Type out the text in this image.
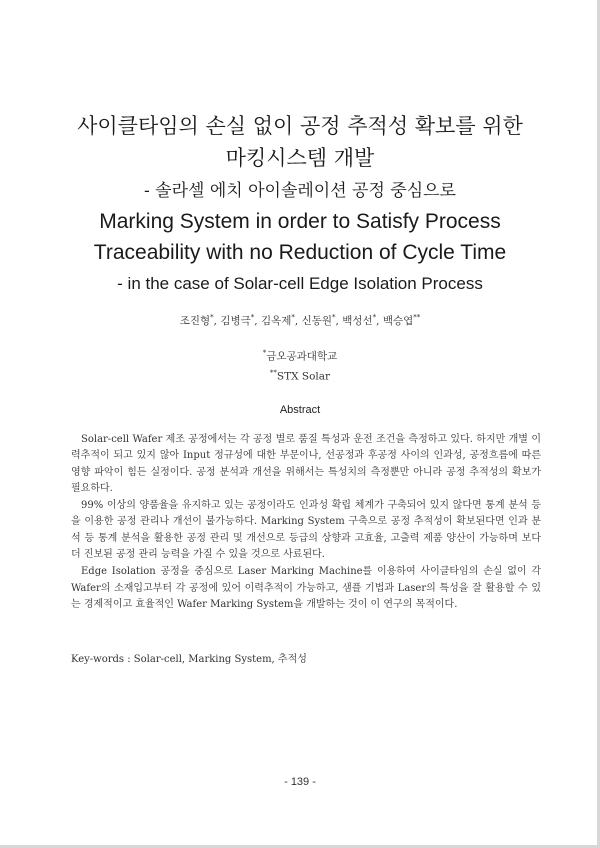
사이클타임의 손실 없이 공정 추적성 확보를 위한
마킹시스템 개발
- 솔라셀 에치 아이솔레이션 공정 중심으로
Marking System in order to Satisfy Process
Traceability with no Reduction of Cycle Time
- in the case of Solar-cell Edge Isolation Process
조진형*, 김병극*, 김옥제*, 신동원*, 백성선*, 백승엽**
*금오공과대학교
**STX Solar
Abstract

Solar-cell Wafer 제조 공정에서는 각 공정 별로 품질 특성과 운전 조건을 측정하고 있다. 하지만 개별 이력추적이 되고 있지 않아 Input 정규성에 대한 부문이나, 선공정과 후공정 사이의 인과성, 공정흐름에 따른 영향 파악이 힘든 실정이다. 공정 분석과 개선을 위해서는 특성치의 측정뿐만 아니라 공정 추적성의 확보가 필요하다.

99% 이상의 양품율을 유지하고 있는 공정이라도 인과성 확립 체계가 구축되어 있지 않다면 통계 분석 등을 이용한 공정 관리나 개선이 불가능하다. Marking System 구축으로 공정 추적성이 확보된다면 인과 분석 등 통계 분석을 활용한 공정 관리 및 개선으로 등급의 상향과 고효율, 고출력 제품 양산이 가능하며 보다 더 진보된 공정 관리 능력을 가질 수 있을 것으로 사료된다.

Edge Isolation 공정을 중심으로 Laser Marking Machine를 이용하여 사이클타임의 손실 없이 각 Wafer의 소재입고부터 각 공정에 있어 이력추적이 가능하고, 샘플 기법과 Laser의 특성을 잘 활용할 수 있는 경제적이고 효율적인 Wafer Marking System을 개발하는 것이 이 연구의 목적이다.

Key-words : Solar-cell, Marking System, 추적성
- 139 -
